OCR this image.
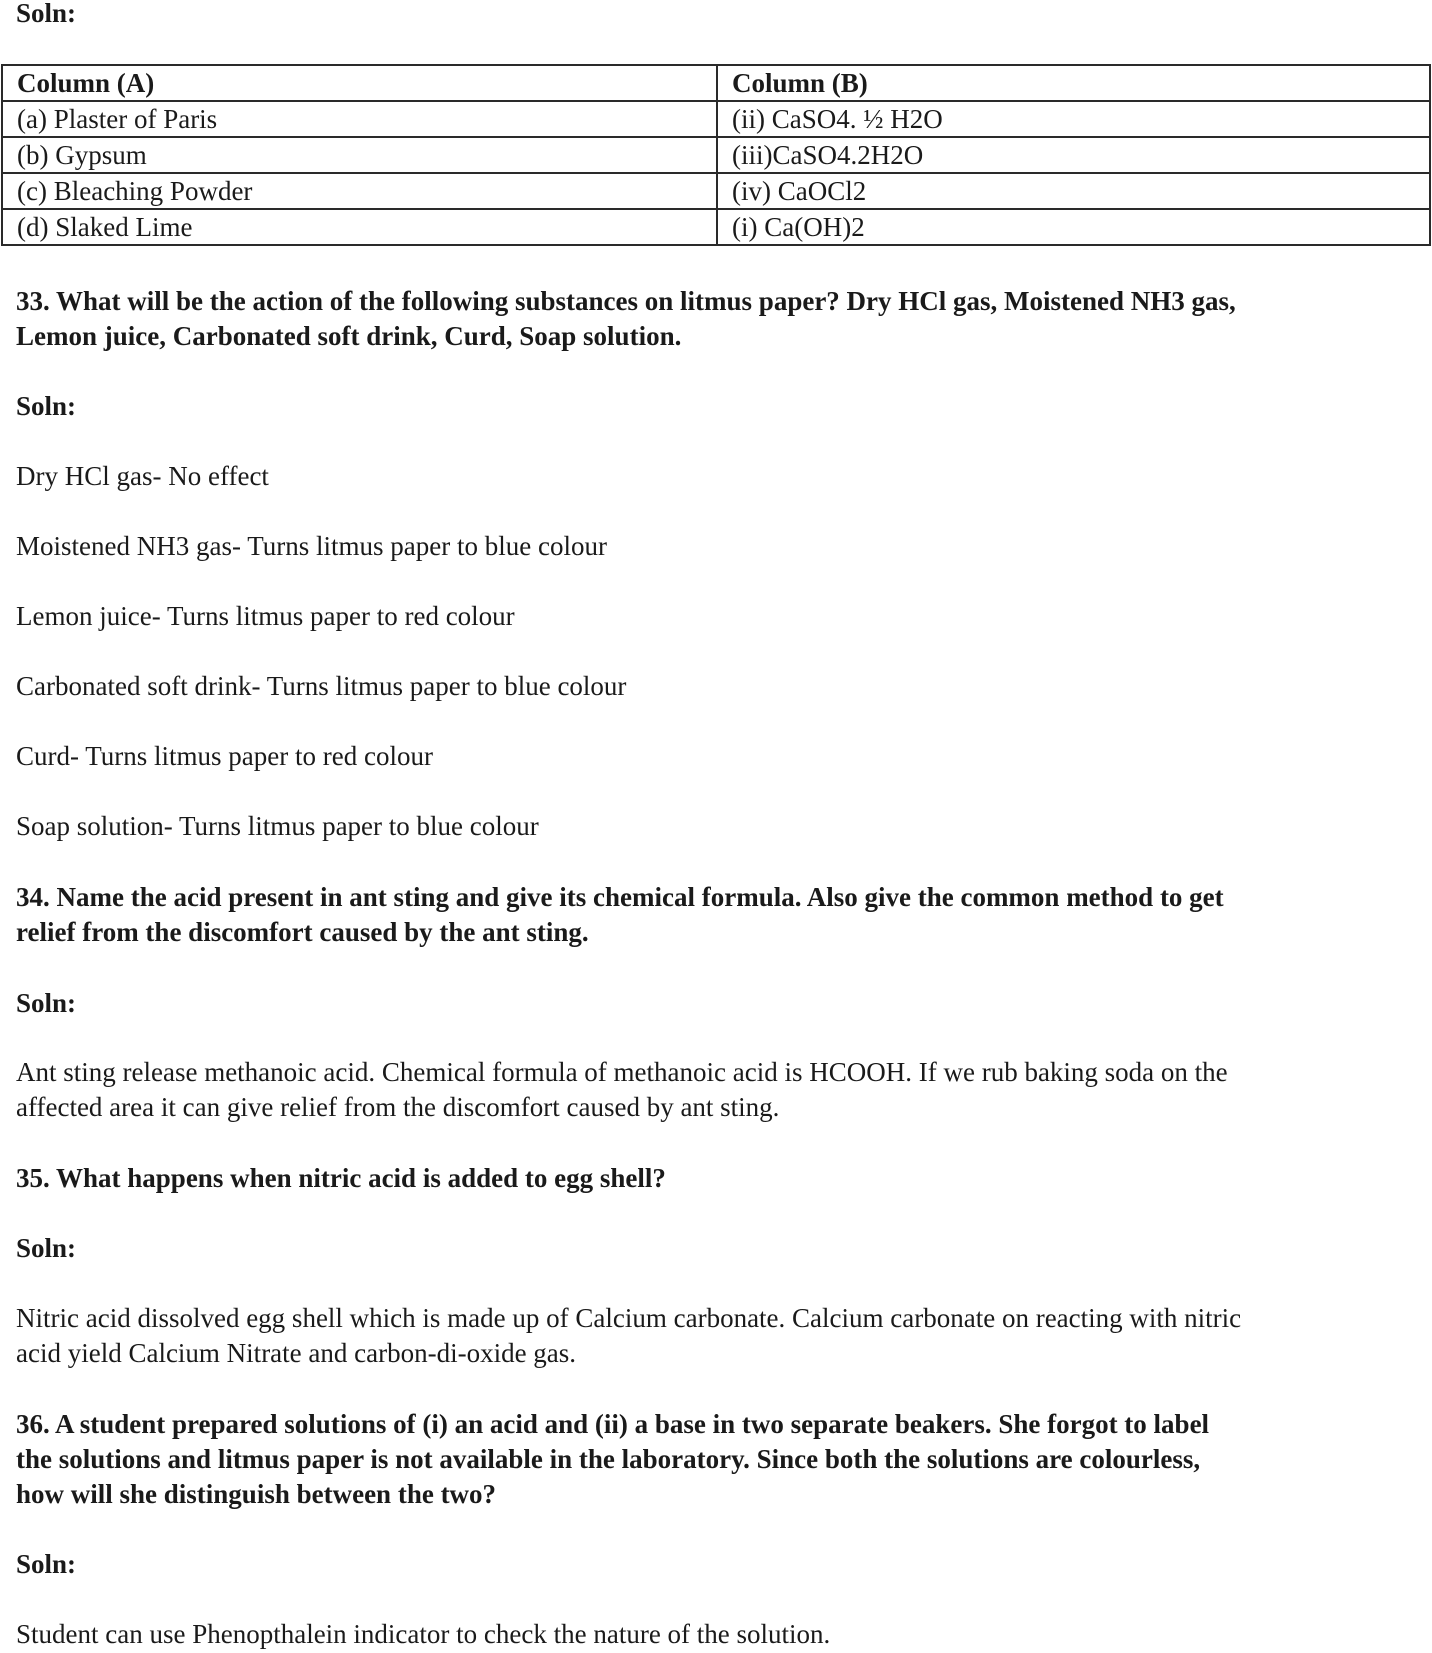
Soln:
Column (A)	Column (B)
(a) Plaster of Paris	(ii) CaSO4. ½ H2O
(b) Gypsum	(iii)CaSO4.2H2O
(c) Bleaching Powder	(iv) CaOCl2
(d) Slaked Lime	(i) Ca(OH)2
33. What will be the action of the following substances on litmus paper? Dry HCl gas, Moistened NH3 gas,
Lemon juice, Carbonated soft drink, Curd, Soap solution.
Soln:
Dry HCl gas- No effect
Moistened NH3 gas- Turns litmus paper to blue colour
Lemon juice- Turns litmus paper to red colour
Carbonated soft drink- Turns litmus paper to blue colour
Curd- Turns litmus paper to red colour
Soap solution- Turns litmus paper to blue colour
34. Name the acid present in ant sting and give its chemical formula. Also give the common method to get
relief from the discomfort caused by the ant sting.
Soln:
Ant sting release methanoic acid. Chemical formula of methanoic acid is HCOOH. If we rub baking soda on the
affected area it can give relief from the discomfort caused by ant sting.
35. What happens when nitric acid is added to egg shell?
Soln:
Nitric acid dissolved egg shell which is made up of Calcium carbonate. Calcium carbonate on reacting with nitric
acid yield Calcium Nitrate and carbon-di-oxide gas.
36. A student prepared solutions of (i) an acid and (ii) a base in two separate beakers. She forgot to label
the solutions and litmus paper is not available in the laboratory. Since both the solutions are colourless,
how will she distinguish between the two?
Soln:
Student can use Phenopthalein indicator to check the nature of the solution.
